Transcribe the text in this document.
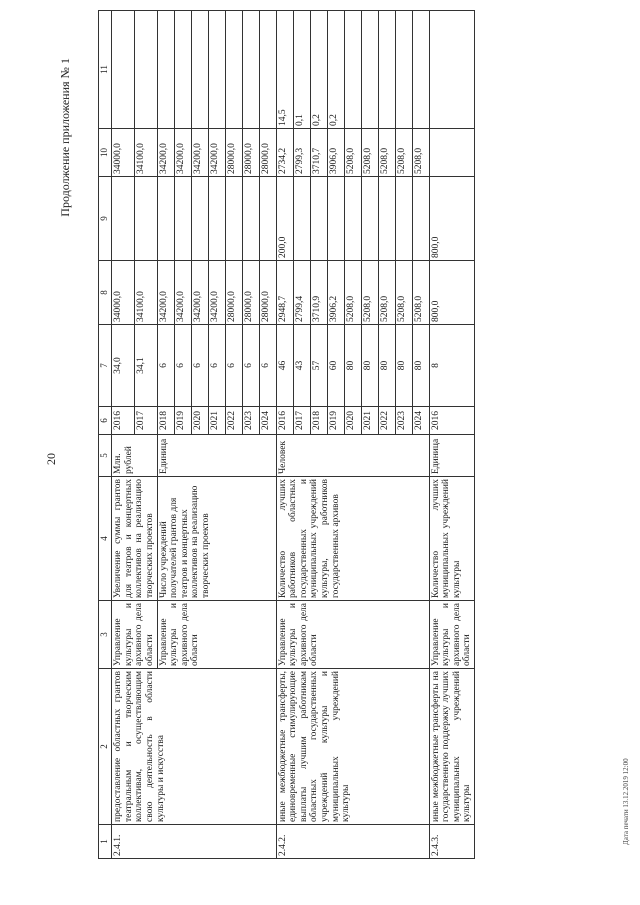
20
Продолжение приложения № 1
1	2	3	4	5	6	7	8	9	10	11	
2.4.1.	предоставление областных грантов театральным и творческим коллективам, осуществляющим свою деятельность в области культуры и искусства	Управление культуры и архивного дела области	Увеличение суммы грантов для театров и концертных коллективов на реализацию творческих проектов	Млн. рублей	2016	34,0	34000,0		34000,0		
					2017	34,1	34100,0		34100,0		
		Управление культуры и архивного дела области	Число учреждений получателей грантов для театров и концертных коллективов на реализацию творческих проектов	Единица	2018	6	34200,0		34200,0		
					2019	6	34200,0		34200,0		
					2020	6	34200,0		34200,0		
					2021	6	34200,0		34200,0		
					2022	6	28000,0		28000,0		
					2023	6	28000,0		28000,0		
					2024	6	28000,0		28000,0		
2.4.2.	иные межбюджетные трансферты, единовременные стимулирующие выплаты лучшим работникам областных государственных учреждений культуры и муниципальных учреждений культуры	Управление культуры и архивного дела области	Количество лучших работников областных государственных и муниципальных учреждений культуры, работников государственных архивов	Человек	2016	46	2948,7	200,0	2734,2	14,5	
					2017	43	2799,4		2799,3	0,1	
					2018	57	3710,9		3710,7	0,2	
					2019	60	3906,2		3906,0	0,2	
					2020	80	5208,0		5208,0		
					2021	80	5208,0		5208,0		
					2022	80	5208,0		5208,0		
					2023	80	5208,0		5208,0		
					2024	80	5208,0		5208,0		
2.4.3.	иные межбюджетные трансферты на государственную поддержку лучших муниципальных учреждений культуры	Управление культуры и архивного дела области	Количество лучших муниципальных учреждений культуры	Единица	2016	8	800,0	800,0			
Дата печати 13.12.2019 12:00
